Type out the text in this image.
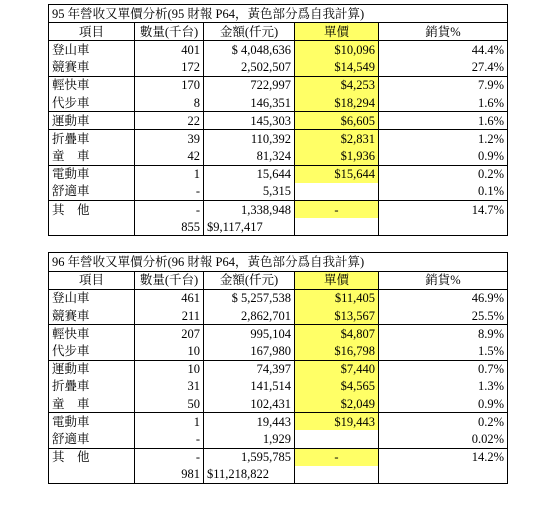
95 年營收又單價分析(95 財報 P64，黃色部分爲自我計算)				
項目	數量(千台)	金額(仟元)	單價	銷貨%
登山車	401	$ 4,048,636	$10,096	44.4%
競賽車	172	2,502,507	$14,549	27.4%
輕快車	170	722,997	$4,253	7.9%
代步車	8	146,351	$18,294	1.6%
運動車	22	145,303	$6,605	1.6%
折疊車	39	110,392	$2,831	1.2%
童　車	42	81,324	$1,936	0.9%
電動車	1	15,644	$15,644	0.2%
舒適車	-	5,315		0.1%
其　他	-	1,338,948	-	14.7%
	855	$9,117,417		

96 年營收又單價分析(96 財報 P64，黃色部分爲自我計算)				
項目	數量(千台)	金額(仟元)	單價	銷貨%
登山車	461	$ 5,257,538	$11,405	46.9%
競賽車	211	2,862,701	$13,567	25.5%
輕快車	207	995,104	$4,807	8.9%
代步車	10	167,980	$16,798	1.5%
運動車	10	74,397	$7,440	0.7%
折疊車	31	141,514	$4,565	1.3%
童　車	50	102,431	$2,049	0.9%
電動車	1	19,443	$19,443	0.2%
舒適車	-	1,929		0.02%
其　他	-	1,595,785	-	14.2%
	981	$11,218,822		
